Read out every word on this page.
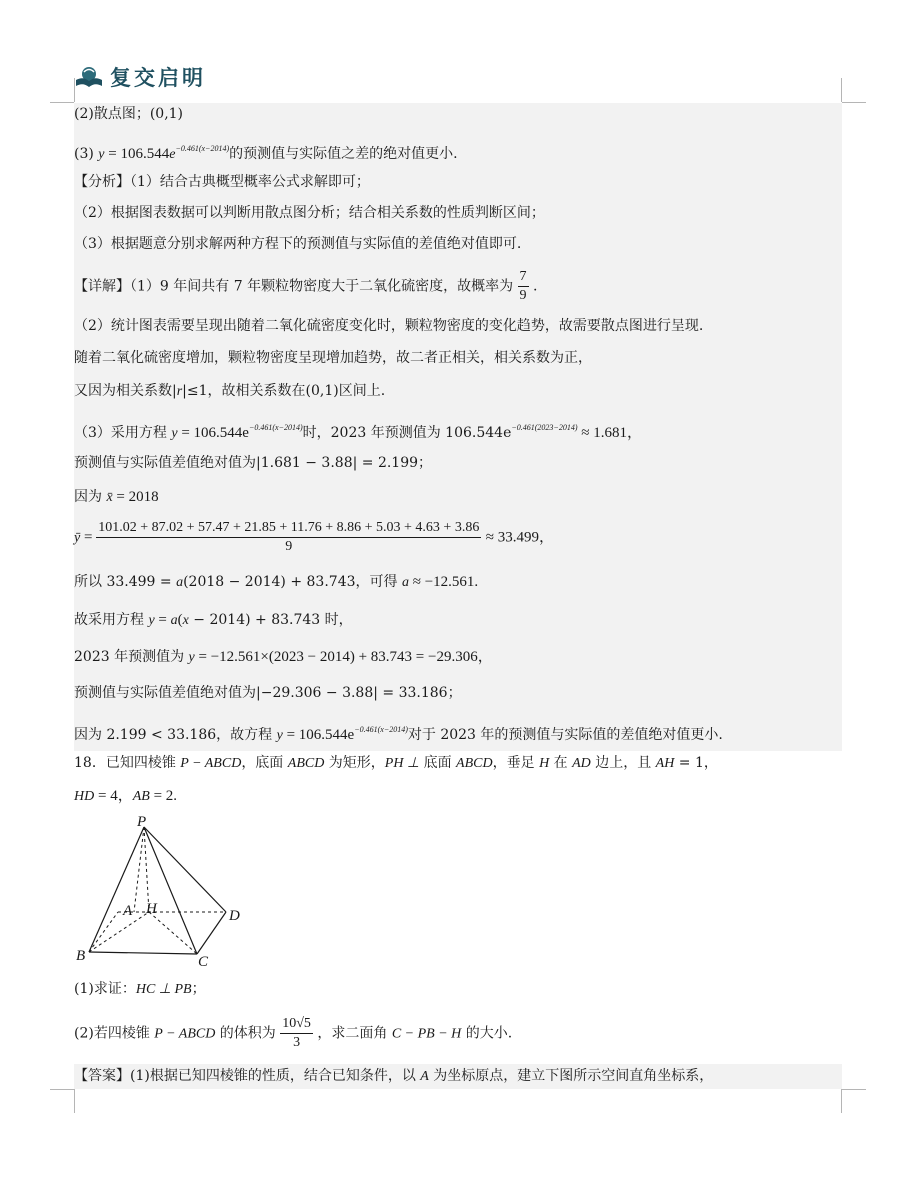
复交启明
(2)散点图；(0,1)
(3) $y = 106.544e^{-0.461(x-2014)}$的预测值与实际值之差的绝对值更小.
【分析】（1）结合古典概型概率公式求解即可；
（2）根据图表数据可以判断用散点图分析；结合相关系数的性质判断区间；
（3）根据题意分别求解两种方程下的预测值与实际值的差值绝对值即可.
【详解】（1）9 年间共有 7 年颗粒物密度大于二氧化硫密度，故概率为 $\frac{7}{9}$ .
（2）统计图表需要呈现出随着二氧化硫密度变化时，颗粒物密度的变化趋势，故需要散点图进行呈现.
随着二氧化硫密度增加，颗粒物密度呈现增加趋势，故二者正相关，相关系数为正，
又因为相关系数|r|≤1，故相关系数在(0,1)区间上.
（3）采用方程 $y = 106.544e^{-0.461(x-2014)}$时，2023 年预测值为 $106.544e^{-0.461(2023-2014)} \approx 1.681$，
预测值与实际值差值绝对值为|1.681 − 3.88| = 2.199；
因为 x̄ = 2018
ȳ =
101.02 + 87.02 + 57.47 + 21.85 + 11.76 + 8.86 + 5.03 + 4.63 + 3.86
9
≈ 33.499，
所以 33.499 = a(2018 − 2014) + 83.743，可得 a ≈ −12.561.
故采用方程 y = a(x − 2014) + 83.743 时，
2023 年预测值为 y = −12.561×(2023 − 2014) + 83.743 = −29.306，
预测值与实际值差值绝对值为|−29.306 − 3.88| = 33.186；
因为 2.199 < 33.186，故方程 $y = 106.544e^{-0.461(x-2014)}$对于 2023 年的预测值与实际值的差值绝对值更小.
18．已知四棱锥 P − ABCD，底面 ABCD 为矩形，PH ⊥ 底面 ABCD，垂足 H 在 AD 边上，且 AH = 1，
HD = 4，AB = 2.
P
A H	D
B	C
(1)求证：HC ⊥ PB；
(2)若四棱锥 P − ABCD 的体积为 $\frac{10√5}{3}$ ，求二面角 C − PB − H 的大小.
【答案】(1)根据已知四棱锥的性质，结合已知条件，以 A 为坐标原点，建立下图所示空间直角坐标系，
